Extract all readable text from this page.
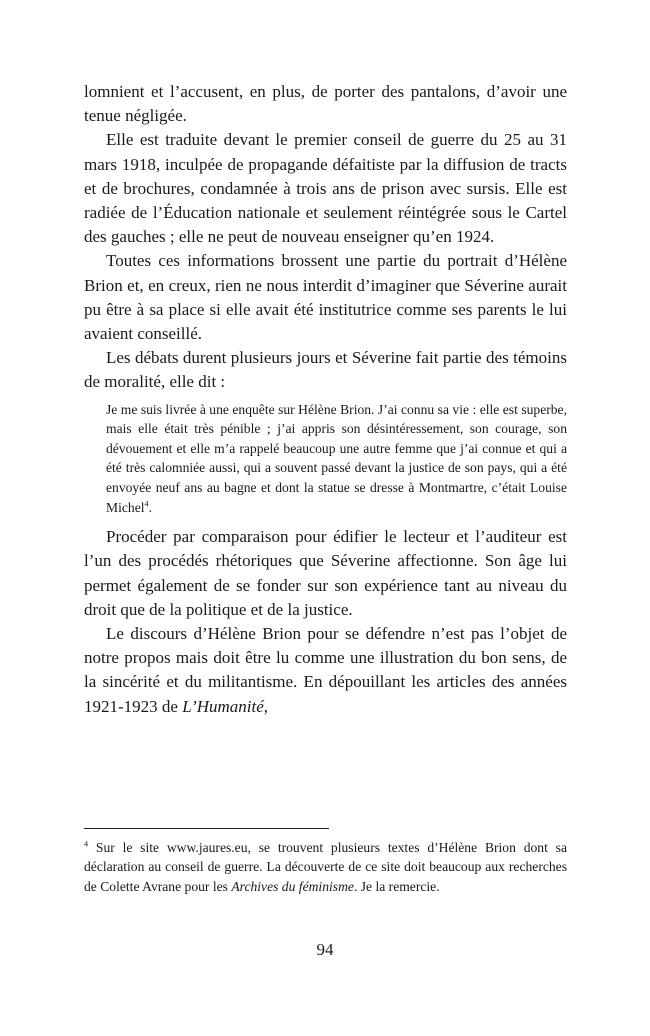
lomnient et l’accusent, en plus, de porter des pantalons, d’avoir une tenue négligée.

Elle est traduite devant le premier conseil de guerre du 25 au 31 mars 1918, inculpée de propagande défaitiste par la diffusion de tracts et de brochures, condamnée à trois ans de prison avec sursis. Elle est radiée de l’Éducation nationale et seulement réintégrée sous le Cartel des gauches ; elle ne peut de nouveau enseigner qu’en 1924.

Toutes ces informations brossent une partie du portrait d’Hélène Brion et, en creux, rien ne nous interdit d’imaginer que Séverine aurait pu être à sa place si elle avait été institutrice comme ses parents le lui avaient conseillé.

Les débats durent plusieurs jours et Séverine fait partie des témoins de moralité, elle dit :

Je me suis livrée à une enquête sur Hélène Brion. J’ai connu sa vie : elle est superbe, mais elle était très pénible ; j’ai appris son désintéressement, son courage, son dévouement et elle m’a rappelé beaucoup une autre femme que j’ai connue et qui a été très calomniée aussi, qui a souvent passé devant la justice de son pays, qui a été envoyée neuf ans au bagne et dont la statue se dresse à Montmartre, c’était Louise Michel$^4$.

Procéder par comparaison pour édifier le lecteur et l’auditeur est l’un des procédés rhétoriques que Séverine affectionne. Son âge lui permet également de se fonder sur son expérience tant au niveau du droit que de la politique et de la justice.

Le discours d’Hélène Brion pour se défendre n’est pas l’objet de notre propos mais doit être lu comme une illustration du bon sens, de la sincérité et du militantisme. En dépouillant les articles des années 1921-1923 de L’Humanité,

$^4$ Sur le site www.jaures.eu, se trouvent plusieurs textes d’Hélène Brion dont sa déclaration au conseil de guerre. La découverte de ce site doit beaucoup aux recherches de Colette Avrane pour les Archives du féminisme. Je la remercie.

94
